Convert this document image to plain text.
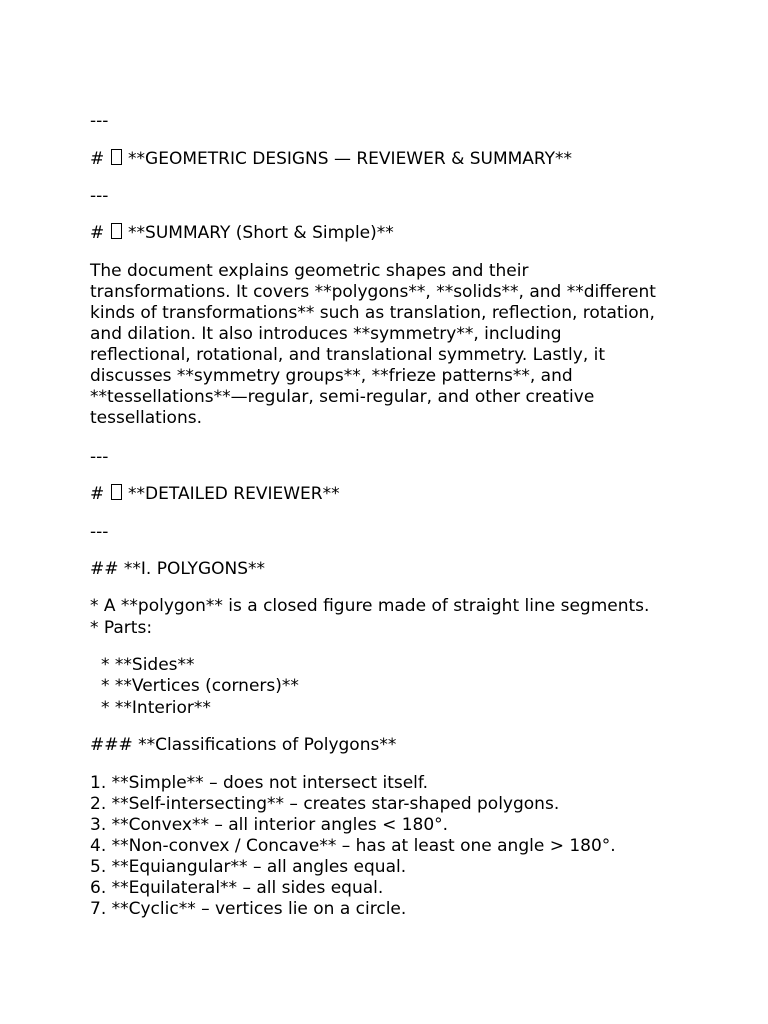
---
#  **GEOMETRIC DESIGNS — REVIEWER & SUMMARY**
---
#  **SUMMARY (Short & Simple)**
The document explains geometric shapes and their
transformations. It covers **polygons**, **solids**, and **different
kinds of transformations** such as translation, reflection, rotation,
and dilation. It also introduces **symmetry**, including
reflectional, rotational, and translational symmetry. Lastly, it
discusses **symmetry groups**, **frieze patterns**, and
**tessellations**—regular, semi-regular, and other creative
tessellations.
---
#  **DETAILED REVIEWER**
---
## **I. POLYGONS**
* A **polygon** is a closed figure made of straight line segments.
* Parts:
* **Sides**
* **Vertices (corners)**
* **Interior**
### **Classifications of Polygons**
1. **Simple** – does not intersect itself.
2. **Self-intersecting** – creates star-shaped polygons.
3. **Convex** – all interior angles < 180°.
4. **Non-convex / Concave** – has at least one angle > 180°.
5. **Equiangular** – all angles equal.
6. **Equilateral** – all sides equal.
7. **Cyclic** – vertices lie on a circle.
